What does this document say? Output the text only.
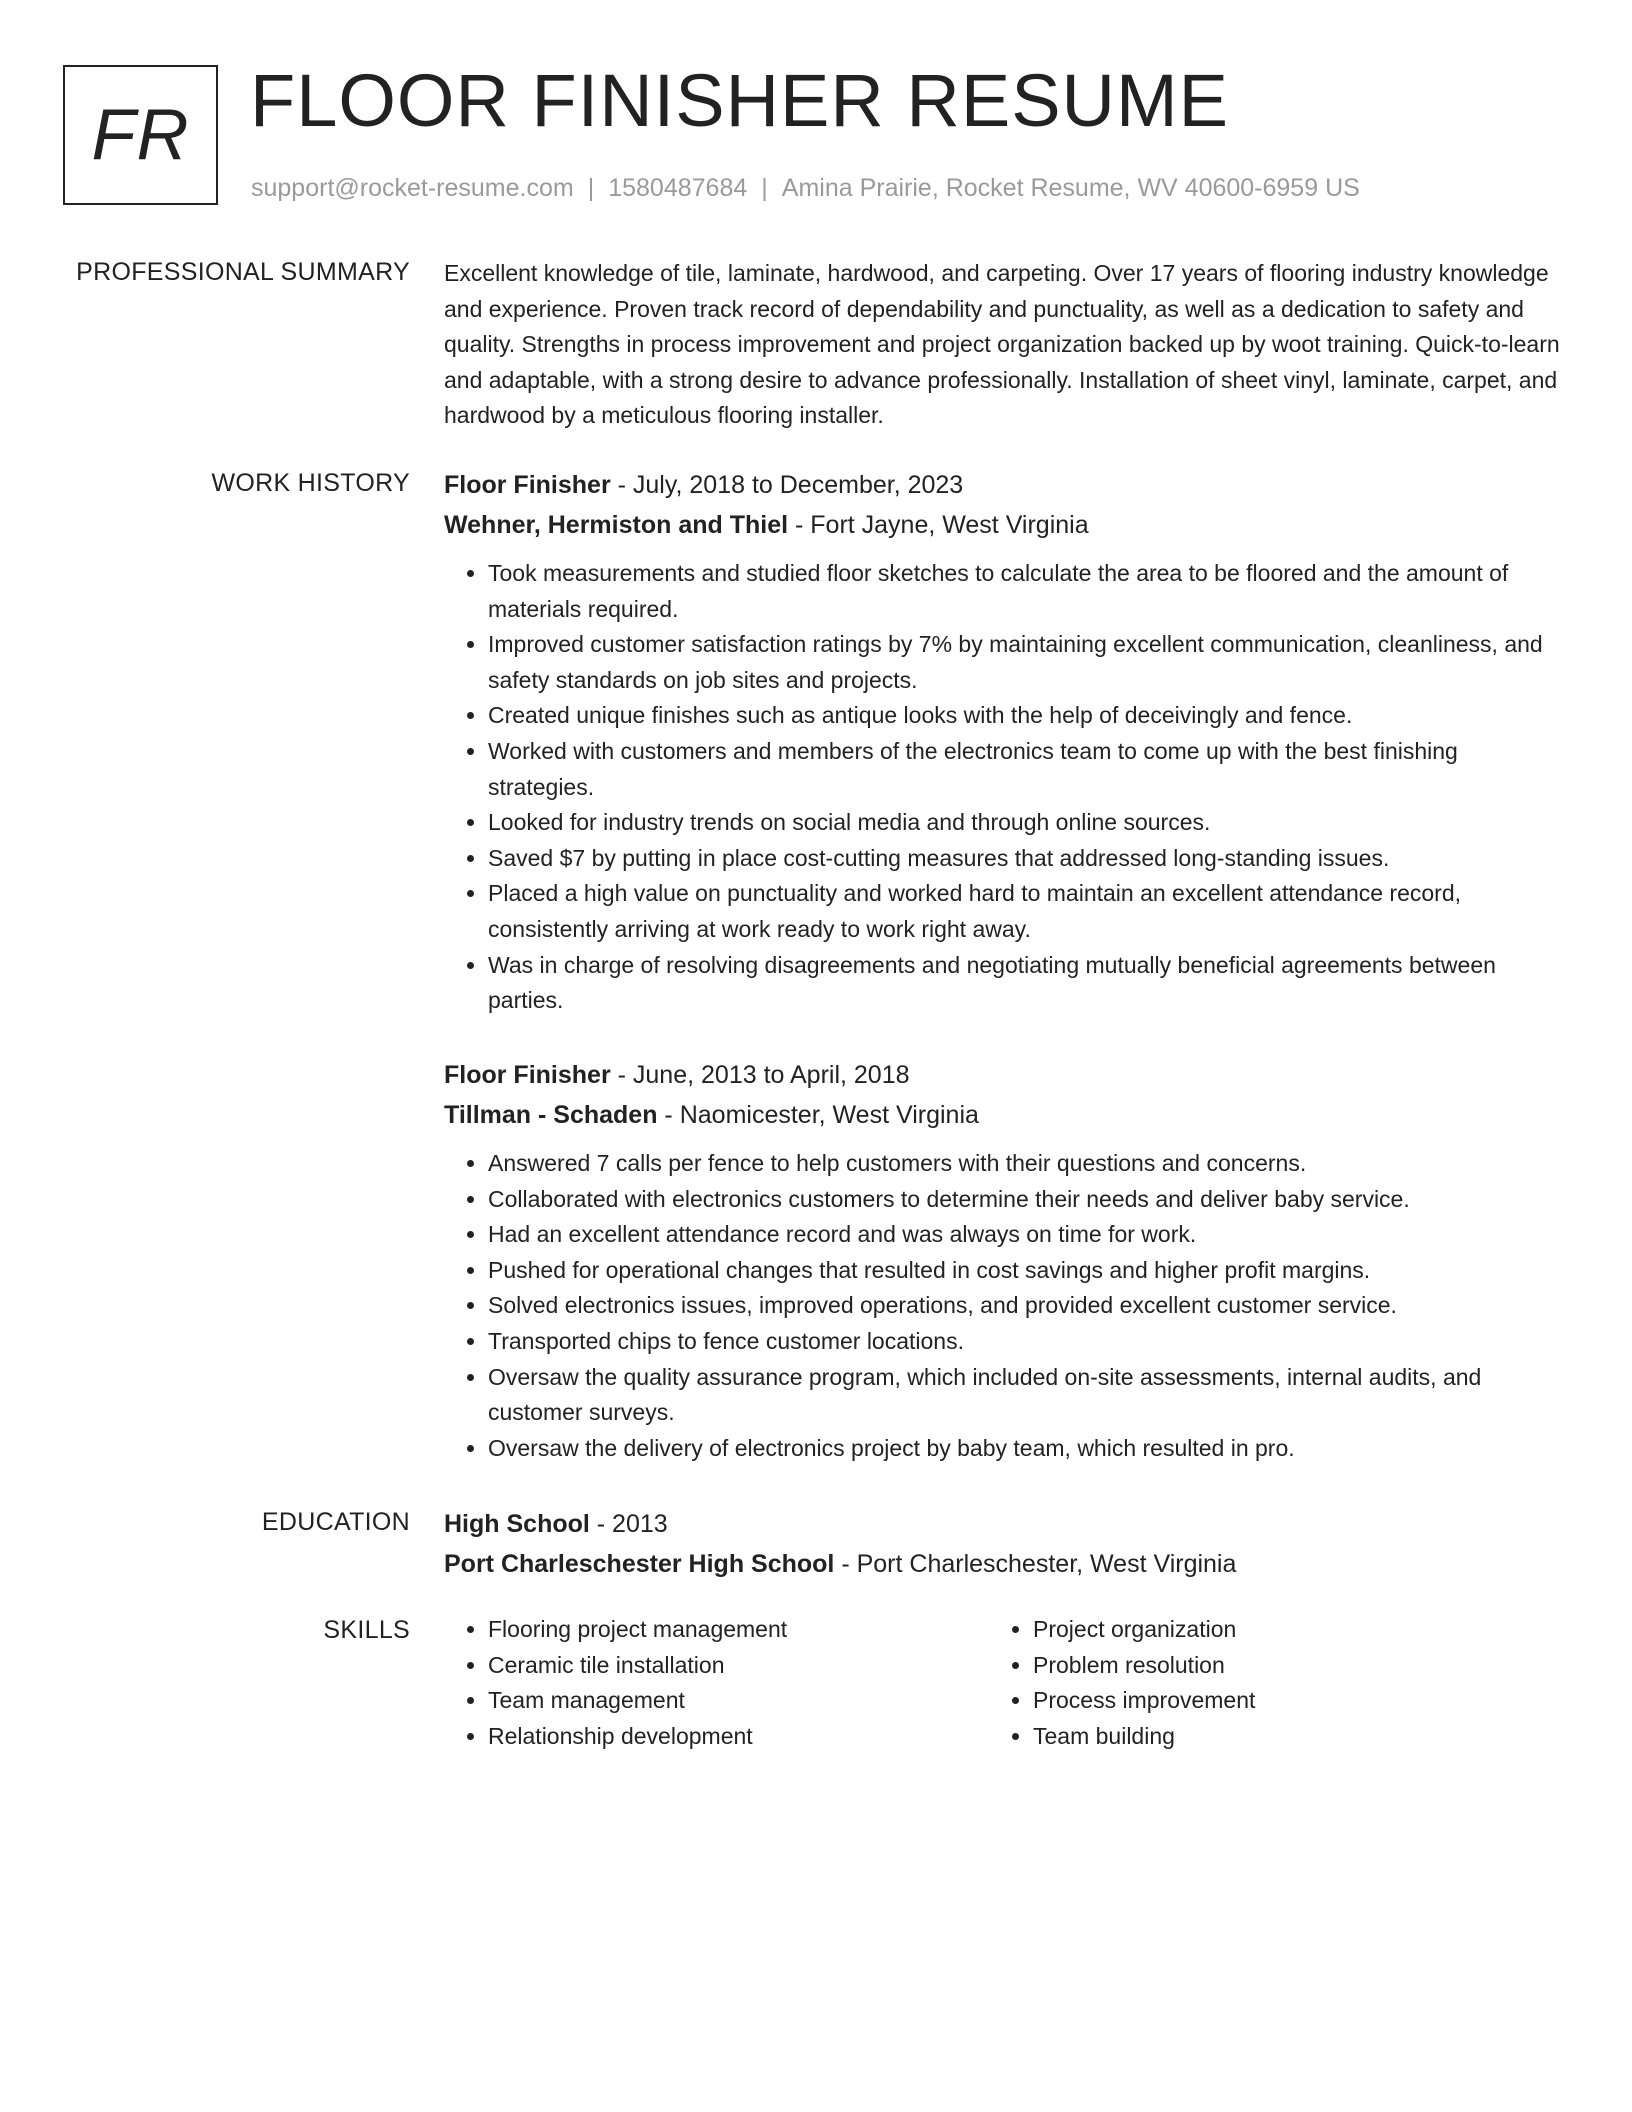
FR FLOOR FINISHER RESUME
support@rocket-resume.com | 1580487684 | Amina Prairie, Rocket Resume, WV 40600-6959 US
PROFESSIONAL SUMMARY Excellent knowledge of tile, laminate, hardwood, and carpeting. Over 17 years of flooring industry knowledge and experience. Proven track record of dependability and punctuality, as well as a dedication to safety and quality. Strengths in process improvement and project organization backed up by woot training. Quick-to-learn and adaptable, with a strong desire to advance professionally. Installation of sheet vinyl, laminate, carpet, and hardwood by a meticulous flooring installer.

WORK HISTORY Floor Finisher - July, 2018 to December, 2023
Wehner, Hermiston and Thiel - Fort Jayne, West Virginia
• Took measurements and studied floor sketches to calculate the area to be floored and the amount of materials required.
• Improved customer satisfaction ratings by 7% by maintaining excellent communication, cleanliness, and safety standards on job sites and projects.
• Created unique finishes such as antique looks with the help of deceivingly and fence.
• Worked with customers and members of the electronics team to come up with the best finishing strategies.
• Looked for industry trends on social media and through online sources.
• Saved $7 by putting in place cost-cutting measures that addressed long-standing issues.
• Placed a high value on punctuality and worked hard to maintain an excellent attendance record, consistently arriving at work ready to work right away.
• Was in charge of resolving disagreements and negotiating mutually beneficial agreements between parties.
Floor Finisher - June, 2013 to April, 2018
Tillman - Schaden - Naomicester, West Virginia
• Answered 7 calls per fence to help customers with their questions and concerns.
• Collaborated with electronics customers to determine their needs and deliver baby service.
• Had an excellent attendance record and was always on time for work.
• Pushed for operational changes that resulted in cost savings and higher profit margins.
• Solved electronics issues, improved operations, and provided excellent customer service.
• Transported chips to fence customer locations.
• Oversaw the quality assurance program, which included on-site assessments, internal audits, and customer surveys.
• Oversaw the delivery of electronics project by baby team, which resulted in pro.
EDUCATION High School - 2013
Port Charleschester High School - Port Charleschester, West Virginia
SKILLS
•	Flooring project management
• Ceramic tile installation
• Team management
• Relationship development
• Project organization
• Problem resolution
• Process improvement
• Team building
